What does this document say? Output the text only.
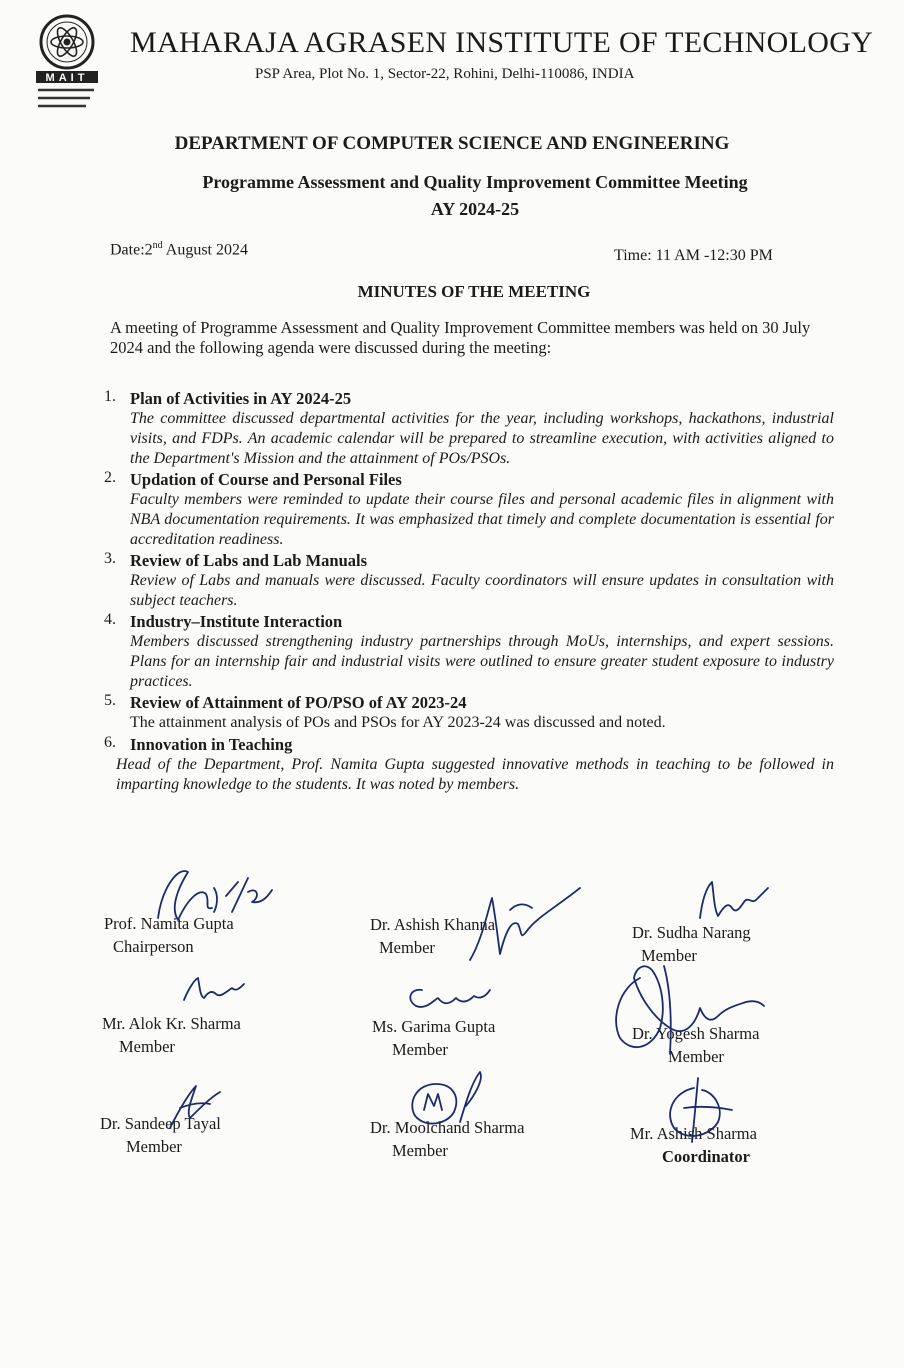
MAIT
MAHARAJA AGRASEN INSTITUTE OF TECHNOLOGY
PSP Area, Plot No. 1, Sector-22, Rohini, Delhi-110086, INDIA
DEPARTMENT OF COMPUTER SCIENCE AND ENGINEERING
Programme Assessment and Quality Improvement Committee Meeting
AY 2024-25
Date:2nd August 2024	Time: 11 AM -12:30 PM
MINUTES OF THE MEETING
A meeting of Programme Assessment and Quality Improvement Committee members was held on 30 July 2024 and the following agenda were discussed during the meeting:
1. Plan of Activities in AY 2024-25
The committee discussed departmental activities for the year, including workshops, hackathons, industrial visits, and FDPs. An academic calendar will be prepared to streamline execution, with activities aligned to the Department's Mission and the attainment of POs/PSOs.
2. Updation of Course and Personal Files
Faculty members were reminded to update their course files and personal academic files in alignment with NBA documentation requirements. It was emphasized that timely and complete documentation is essential for accreditation readiness.
3. Review of Labs and Lab Manuals
Review of Labs and manuals were discussed. Faculty coordinators will ensure updates in consultation with subject teachers.
4. Industry–Institute Interaction
Members discussed strengthening industry partnerships through MoUs, internships, and expert sessions. Plans for an internship fair and industrial visits were outlined to ensure greater student exposure to industry practices.
5. Review of Attainment of PO/PSO of AY 2023-24
The attainment analysis of POs and PSOs for AY 2023-24 was discussed and noted.
6. Innovation in Teaching
Head of the Department, Prof. Namita Gupta suggested innovative methods in teaching to be followed in imparting knowledge to the students. It was noted by members.
Prof. Namita Gupta
Chairperson
Dr. Ashish Khanna
Member
Dr. Sudha Narang
Member
Mr. Alok Kr. Sharma
Member
Ms. Garima Gupta
Member
Dr. Yogesh Sharma
Member
Dr. Sandeep Tayal
Member
Dr. Moolchand Sharma
Member
Mr. Ashish Sharma
Coordinator
